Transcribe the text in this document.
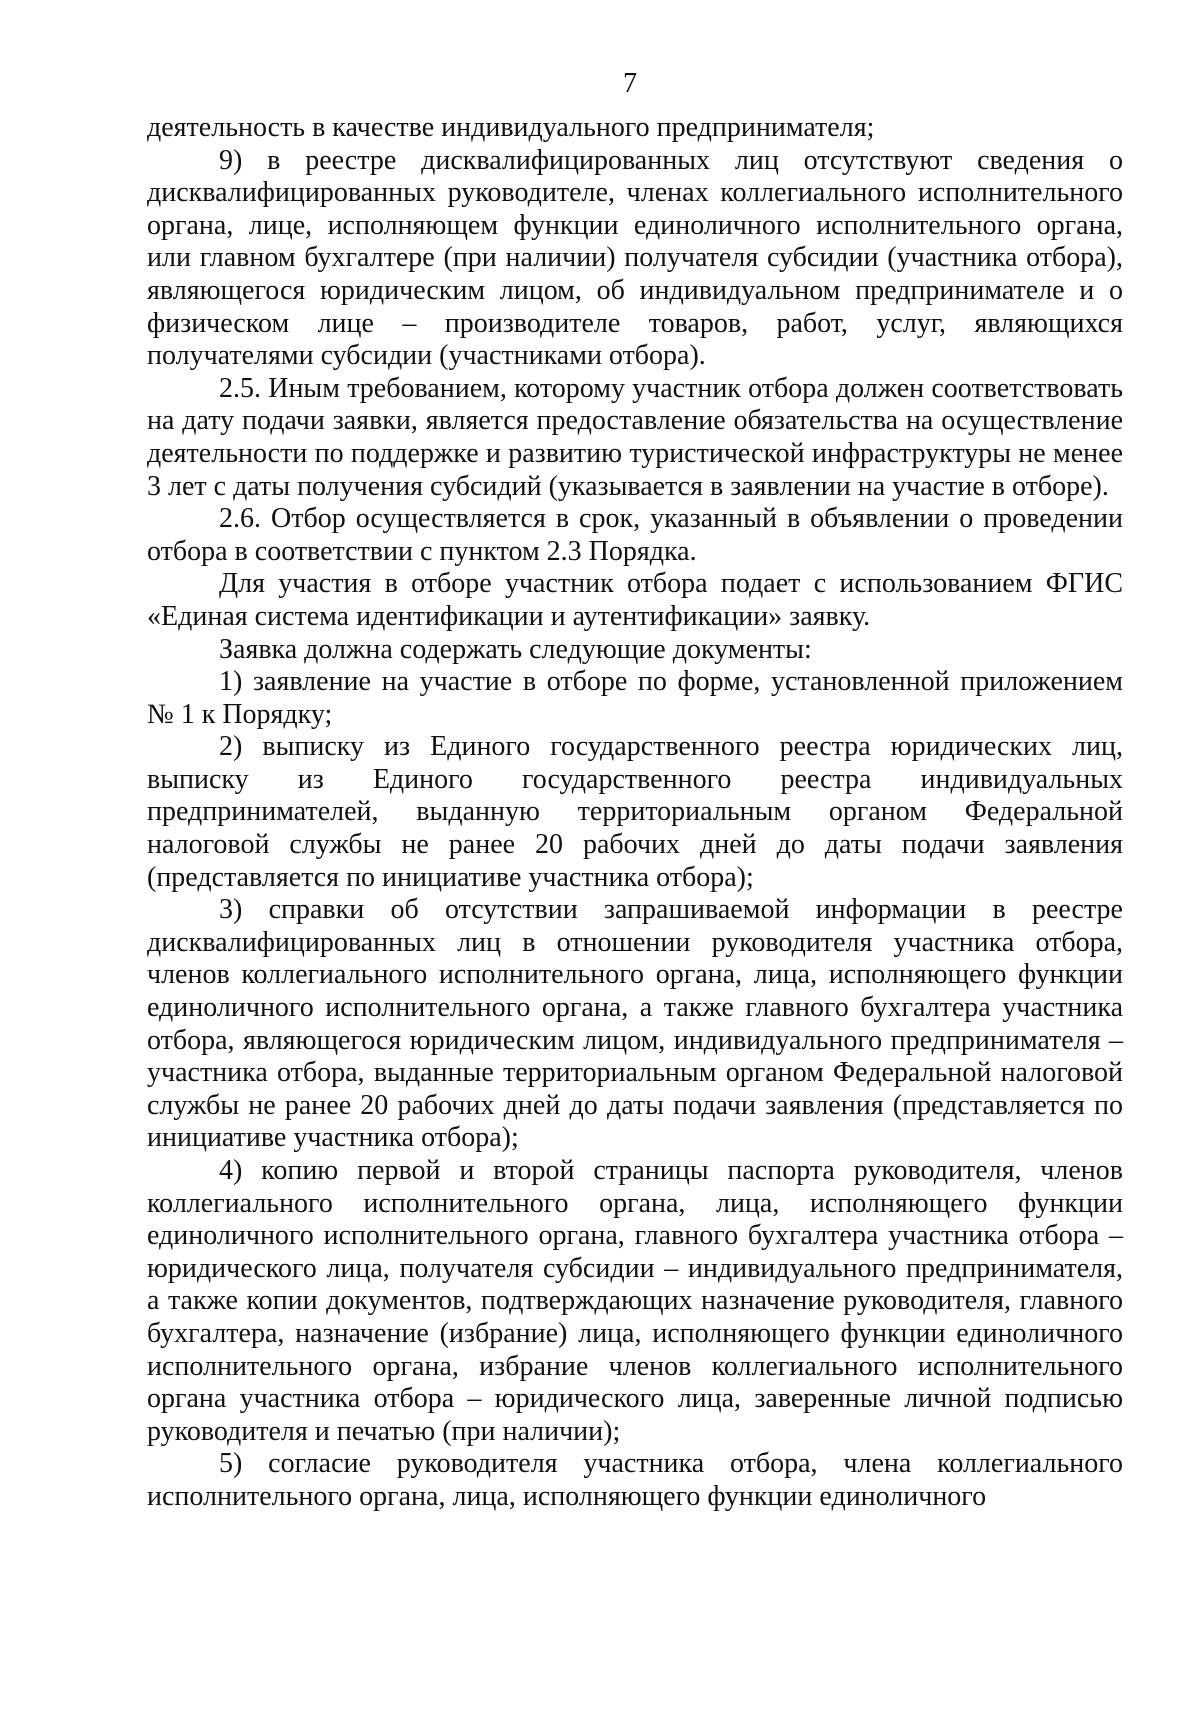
7

деятельность в качестве индивидуального предпринимателя;

9) в реестре дисквалифицированных лиц отсутствуют сведения о дисквалифицированных руководителе, членах коллегиального исполнительного органа, лице, исполняющем функции единоличного исполнительного органа, или главном бухгалтере (при наличии) получателя субсидии (участника отбора), являющегося юридическим лицом, об индивидуальном предпринимателе и о физическом лице – производителе товаров, работ, услуг, являющихся получателями субсидии (участниками отбора).

2.5. Иным требованием, которому участник отбора должен соответствовать на дату подачи заявки, является предоставление обязательства на осуществление деятельности по поддержке и развитию туристической инфраструктуры не менее 3 лет с даты получения субсидий (указывается в заявлении на участие в отборе).

2.6. Отбор осуществляется в срок, указанный в объявлении о проведении отбора в соответствии с пунктом 2.3 Порядка.

Для участия в отборе участник отбора подает с использованием ФГИС «Единая система идентификации и аутентификации» заявку.

Заявка должна содержать следующие документы:

1) заявление на участие в отборе по форме, установленной приложением № 1 к Порядку;

2) выписку из Единого государственного реестра юридических лиц, выписку из Единого государственного реестра индивидуальных предпринимателей, выданную территориальным органом Федеральной налоговой службы не ранее 20 рабочих дней до даты подачи заявления (представляется по инициативе участника отбора);

3) справки об отсутствии запрашиваемой информации в реестре дисквалифицированных лиц в отношении руководителя участника отбора, членов коллегиального исполнительного органа, лица, исполняющего функции единоличного исполнительного органа, а также главного бухгалтера участника отбора, являющегося юридическим лицом, индивидуального предпринимателя – участника отбора, выданные территориальным органом Федеральной налоговой службы не ранее 20 рабочих дней до даты подачи заявления (представляется по инициативе участника отбора);

4) копию первой и второй страницы паспорта руководителя, членов коллегиального исполнительного органа, лица, исполняющего функции единоличного исполнительного органа, главного бухгалтера участника отбора – юридического лица, получателя субсидии – индивидуального предпринимателя, а также копии документов, подтверждающих назначение руководителя, главного бухгалтера, назначение (избрание) лица, исполняющего функции единоличного исполнительного органа, избрание членов коллегиального исполнительного органа участника отбора – юридического лица, заверенные личной подписью руководителя и печатью (при наличии);

5) согласие руководителя участника отбора, члена коллегиального исполнительного органа, лица, исполняющего функции единоличного
